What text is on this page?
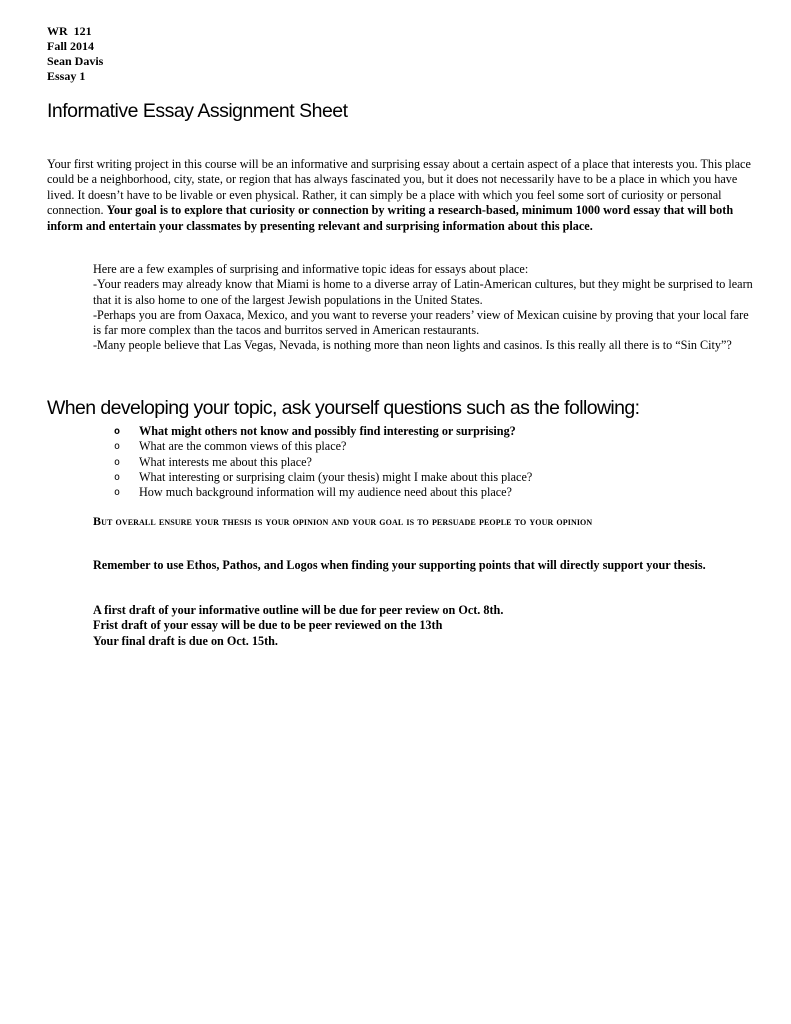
WR  121
Fall 2014
Sean Davis
Essay 1
Informative Essay Assignment Sheet

Your first writing project in this course will be an informative and surprising essay about a certain aspect of a place that interests you. This place could be a neighborhood, city, state, or region that has always fascinated you, but it does not necessarily have to be a place in which you have lived. It doesn’t have to be livable or even physical. Rather, it can simply be a place with which you feel some sort of curiosity or personal connection. Your goal is to explore that curiosity or connection by writing a research-based, minimum 1000 word essay that will both inform and entertain your classmates by presenting relevant and surprising information about this place.

Here are a few examples of surprising and informative topic ideas for essays about place:
-Your readers may already know that Miami is home to a diverse array of Latin-American cultures, but they might be surprised to learn that it is also home to one of the largest Jewish populations in the United States.
-Perhaps you are from Oaxaca, Mexico, and you want to reverse your readers’ view of Mexican cuisine by proving that your local fare is far more complex than the tacos and burritos served in American restaurants.
-Many people believe that Las Vegas, Nevada, is nothing more than neon lights and casinos. Is this really all there is to “Sin City”?
When developing your topic, ask yourself questions such as the following:
o What might others not know and possibly find interesting or surprising?
o What are the common views of this place?
o What interests me about this place?
o What interesting or surprising claim (your thesis) might I make about this place?
o How much background information will my audience need about this place?
But overall ensure your thesis is your opinion and your goal is to persuade people to your opinion
Remember to use Ethos, Pathos, and Logos when finding your supporting points that will directly support your thesis.
A first draft of your informative outline will be due for peer review on Oct. 8th.
Frist draft of your essay will be due to be peer reviewed on the 13th
Your final draft is due on Oct. 15th.
